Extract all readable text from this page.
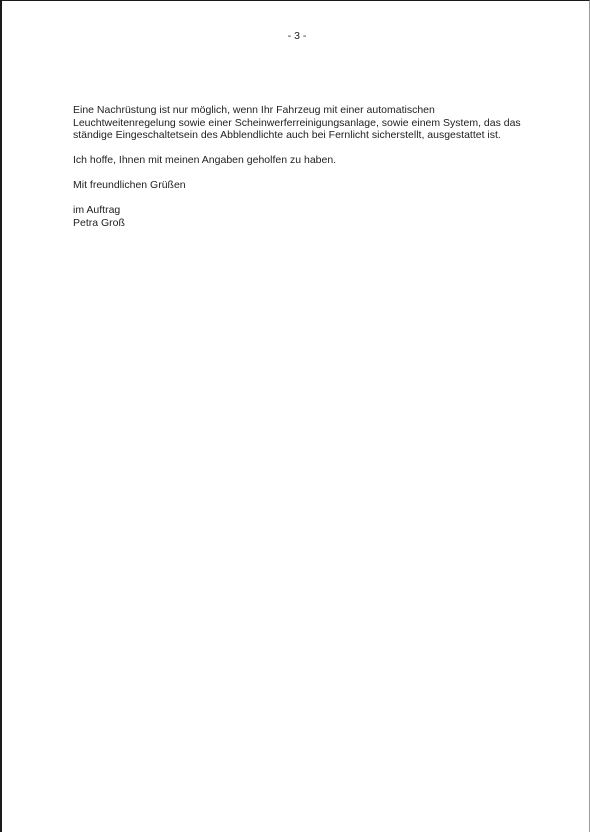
- 3 -

Eine Nachrüstung ist nur möglich, wenn Ihr Fahrzeug mit einer automatischen
Leuchtweitenregelung sowie einer Scheinwerferreinigungsanlage, sowie einem System, das das
ständige Eingeschaltetsein des Abblendlichte auch bei Fernlicht sicherstellt, ausgestattet ist.

Ich hoffe, Ihnen mit meinen Angaben geholfen zu haben.

Mit freundlichen Grüßen

im Auftrag
Petra Groß
